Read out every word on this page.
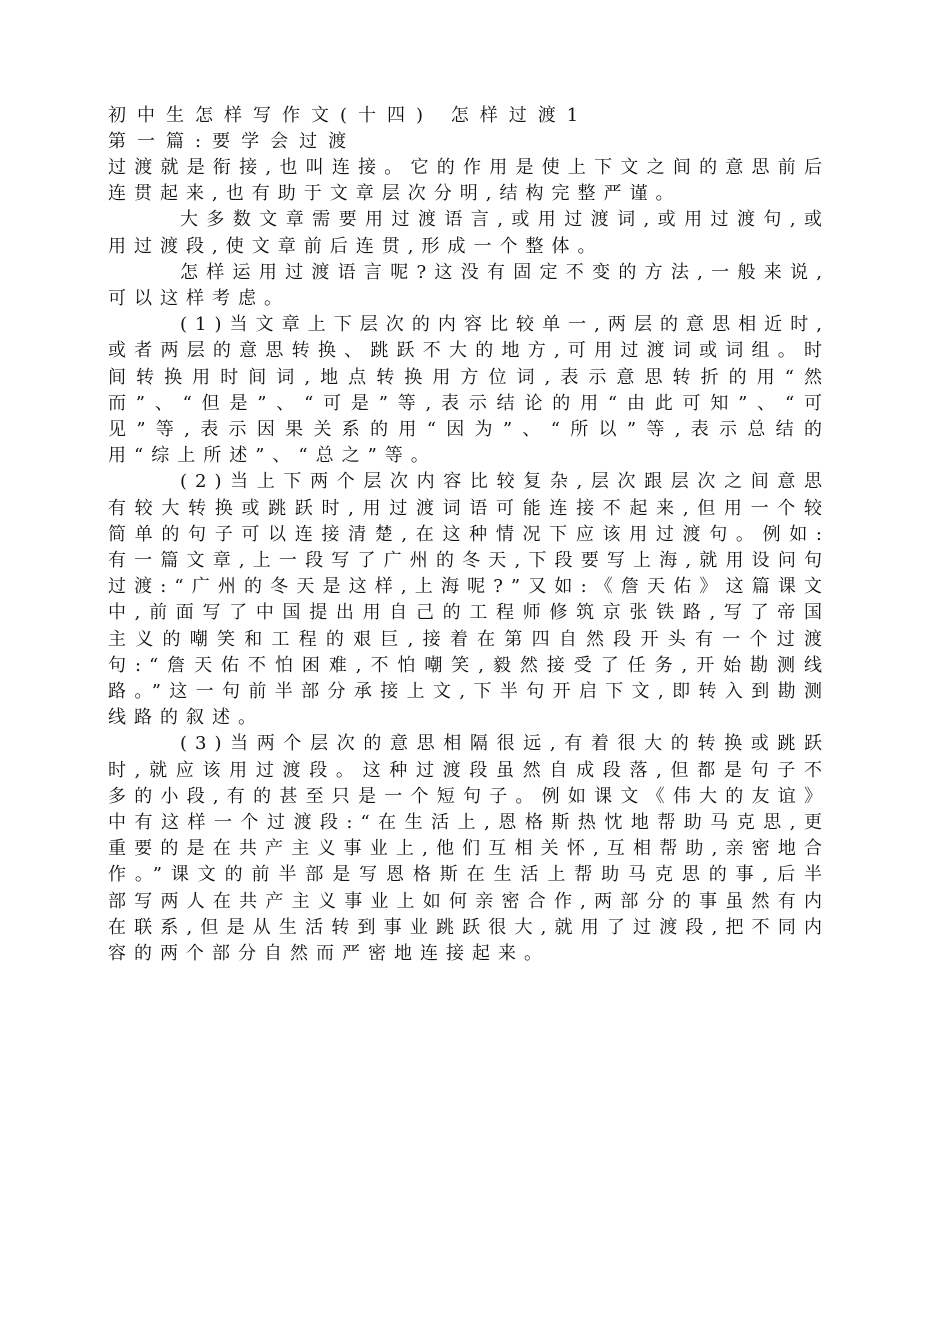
初中生怎样写作文(十四) 怎样过渡1
第一篇:要学会过渡

过渡就是衔接,也叫连接。它的作用是使上下文之间的意思前后连贯起来,也有助于文章层次分明,结构完整严谨。

大多数文章需要用过渡语言,或用过渡词,或用过渡句,或用过渡段,使文章前后连贯,形成一个整体。

怎样运用过渡语言呢?这没有固定不变的方法,一般来说,可以这样考虑。

(1)当文章上下层次的内容比较单一,两层的意思相近时,或者两层的意思转换、跳跃不大的地方,可用过渡词或词组。时间转换用时间词,地点转换用方位词,表示意思转折的用“然而”、“但是”、“可是”等,表示结论的用“由此可知”、“可见”等,表示因果关系的用“因为”、“所以”等,表示总结的用“综上所述”、“总之”等。

(2)当上下两个层次内容比较复杂,层次跟层次之间意思有较大转换或跳跃时,用过渡词语可能连接不起来,但用一个较简单的句子可以连接清楚,在这种情况下应该用过渡句。例如:有一篇文章,上一段写了广州的冬天,下段要写上海,就用设问句过渡:“广州的冬天是这样,上海呢?”又如:《詹天佑》这篇课文中,前面写了中国提出用自己的工程师修筑京张铁路,写了帝国主义的嘲笑和工程的艰巨,接着在第四自然段开头有一个过渡句:“詹天佑不怕困难,不怕嘲笑,毅然接受了任务,开始勘测线路。”这一句前半部分承接上文,下半句开启下文,即转入到勘测线路的叙述。

(3)当两个层次的意思相隔很远,有着很大的转换或跳跃时,就应该用过渡段。这种过渡段虽然自成段落,但都是句子不多的小段,有的甚至只是一个短句子。例如课文《伟大的友谊》中有这样一个过渡段:“在生活上,恩格斯热忱地帮助马克思,更重要的是在共产主义事业上,他们互相关怀,互相帮助,亲密地合作。”课文的前半部是写恩格斯在生活上帮助马克思的事,后半部写两人在共产主义事业上如何亲密合作,两部分的事虽然有内在联系,但是从生活转到事业跳跃很大,就用了过渡段,把不同内容的两个部分自然而严密地连接起来。
